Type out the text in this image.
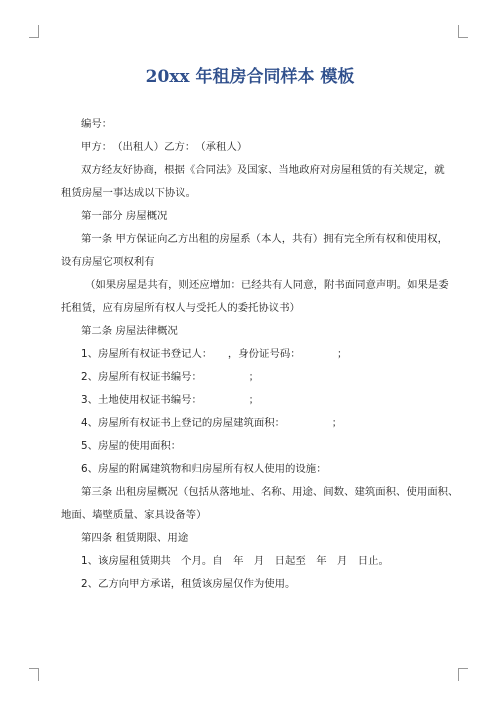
20xx 年租房合同样本 模板

编号：

甲方：　（出租人）乙方：　（承租人）

双方经友好协商，根据《合同法》及国家、当地政府对房屋租赁的有关规定，就

租赁房屋一事达成以下协议。

第一部分 房屋概况

第一条 甲方保证向乙方出租的房屋系（本人，共有）拥有完全所有权和使用权，

设有房屋它项权利有

（如果房屋是共有，则还应增加：已经共有人同意，附书面同意声明。如果是委

托租赁，应有房屋所有权人与受托人的委托协议书）

第二条 房屋法律概况

1、房屋所有权证书登记人：　　，身份证号码：　　　　；

2、房屋所有权证书编号：　　　　　；

3、土地使用权证书编号：　　　　　；

4、房屋所有权证书上登记的房屋建筑面积：　　　　　；

5、房屋的使用面积：

6、房屋的附属建筑物和归房屋所有权人使用的设施：

第三条 出租房屋概况（包括从落地址、名称、用途、间数、建筑面积、使用面积、

地面、墙壁质量、家具设备等）

第四条 租赁期限、用途

1、该房屋租赁期共　个月。自　年　月　日起至　年　月　日止。

2、乙方向甲方承诺，租赁该房屋仅作为使用。
